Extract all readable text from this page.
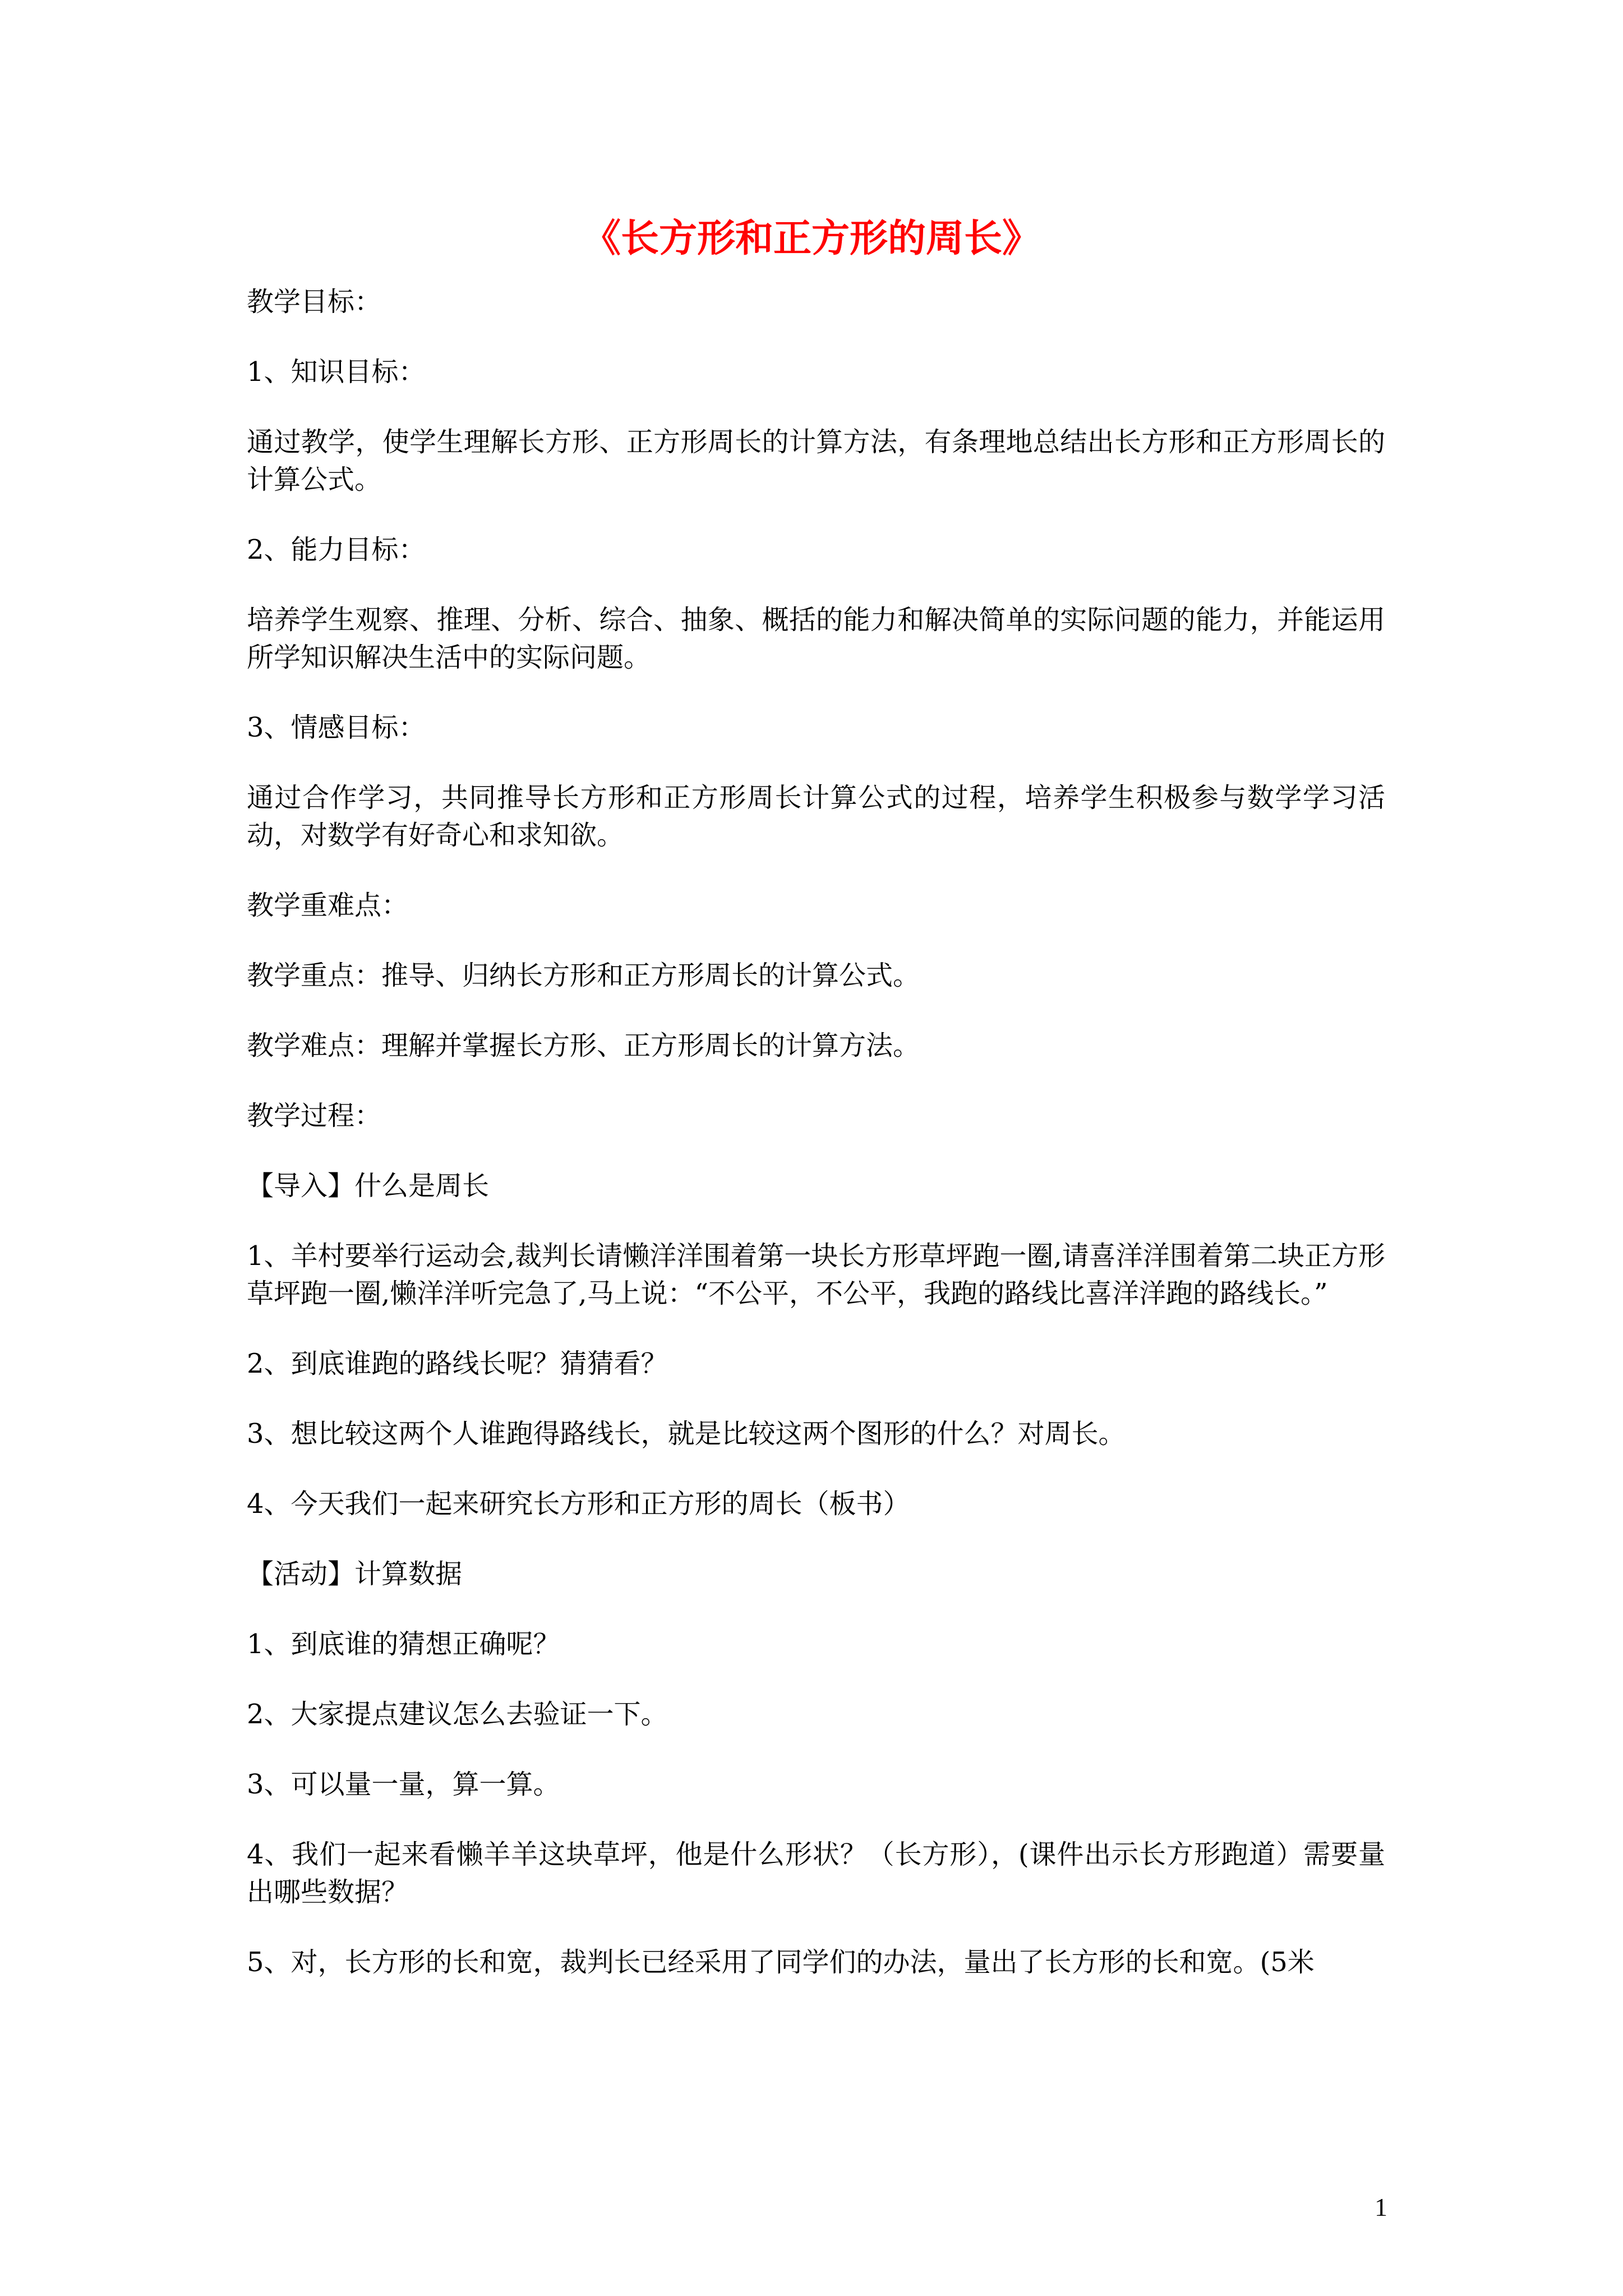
《长方形和正方形的周长》

教学目标：

1、知识目标：

通过教学，使学生理解长方形、正方形周长的计算方法，有条理地总结出长方形和正方形周长的计算公式。

2、能力目标：

培养学生观察、推理、分析、综合、抽象、概括的能力和解决简单的实际问题的能力，并能运用所学知识解决生活中的实际问题。

3、情感目标：

通过合作学习，共同推导长方形和正方形周长计算公式的过程，培养学生积极参与数学学习活动，对数学有好奇心和求知欲。

教学重难点：

教学重点：推导、归纳长方形和正方形周长的计算公式。

教学难点：理解并掌握长方形、正方形周长的计算方法。

教学过程：

【导入】什么是周长

1、羊村要举行运动会,裁判长请懒洋洋围着第一块长方形草坪跑一圈,请喜洋洋围着第二块正方形草坪跑一圈,懒洋洋听完急了,马上说：“不公平，不公平，我跑的路线比喜洋洋跑的路线长。”

2、到底谁跑的路线长呢？猜猜看？

3、想比较这两个人谁跑得路线长，就是比较这两个图形的什么？对周长。

4、今天我们一起来研究长方形和正方形的周长（板书）

【活动】计算数据

1、到底谁的猜想正确呢？

2、大家提点建议怎么去验证一下。

3、可以量一量，算一算。

4、我们一起来看懒羊羊这块草坪，他是什么形状？（长方形），(课件出示长方形跑道）需要量出哪些数据？

5、对，长方形的长和宽，裁判长已经采用了同学们的办法，量出了长方形的长和宽。(5米

1
